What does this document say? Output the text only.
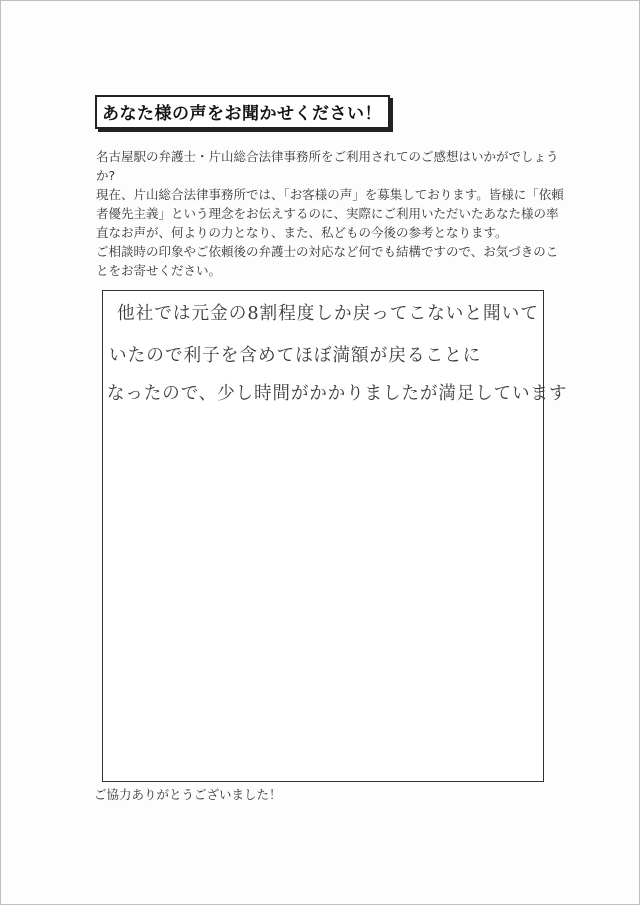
あなた様の声をお聞かせください！

名古屋駅の弁護士・片山総合法律事務所をご利用されてのご感想はいかがでしょうか?

現在、片山総合法律事務所では、「お客様の声」を募集しております。皆様に「依頼者優先主義」という理念をお伝えするのに、実際にご利用いただいたあなた様の率直なお声が、何よりの力となり、また、私どもの今後の参考となります。

ご相談時の印象やご依頼後の弁護士の対応など何でも結構ですので、お気づきのことをお寄せください。

他社では元金の8割程度しか戻ってこないと聞いて
いたので利子を含めてほぼ満額が戻ることに
なったので、少し時間がかかりましたが満足しています
ご協力ありがとうございました！
